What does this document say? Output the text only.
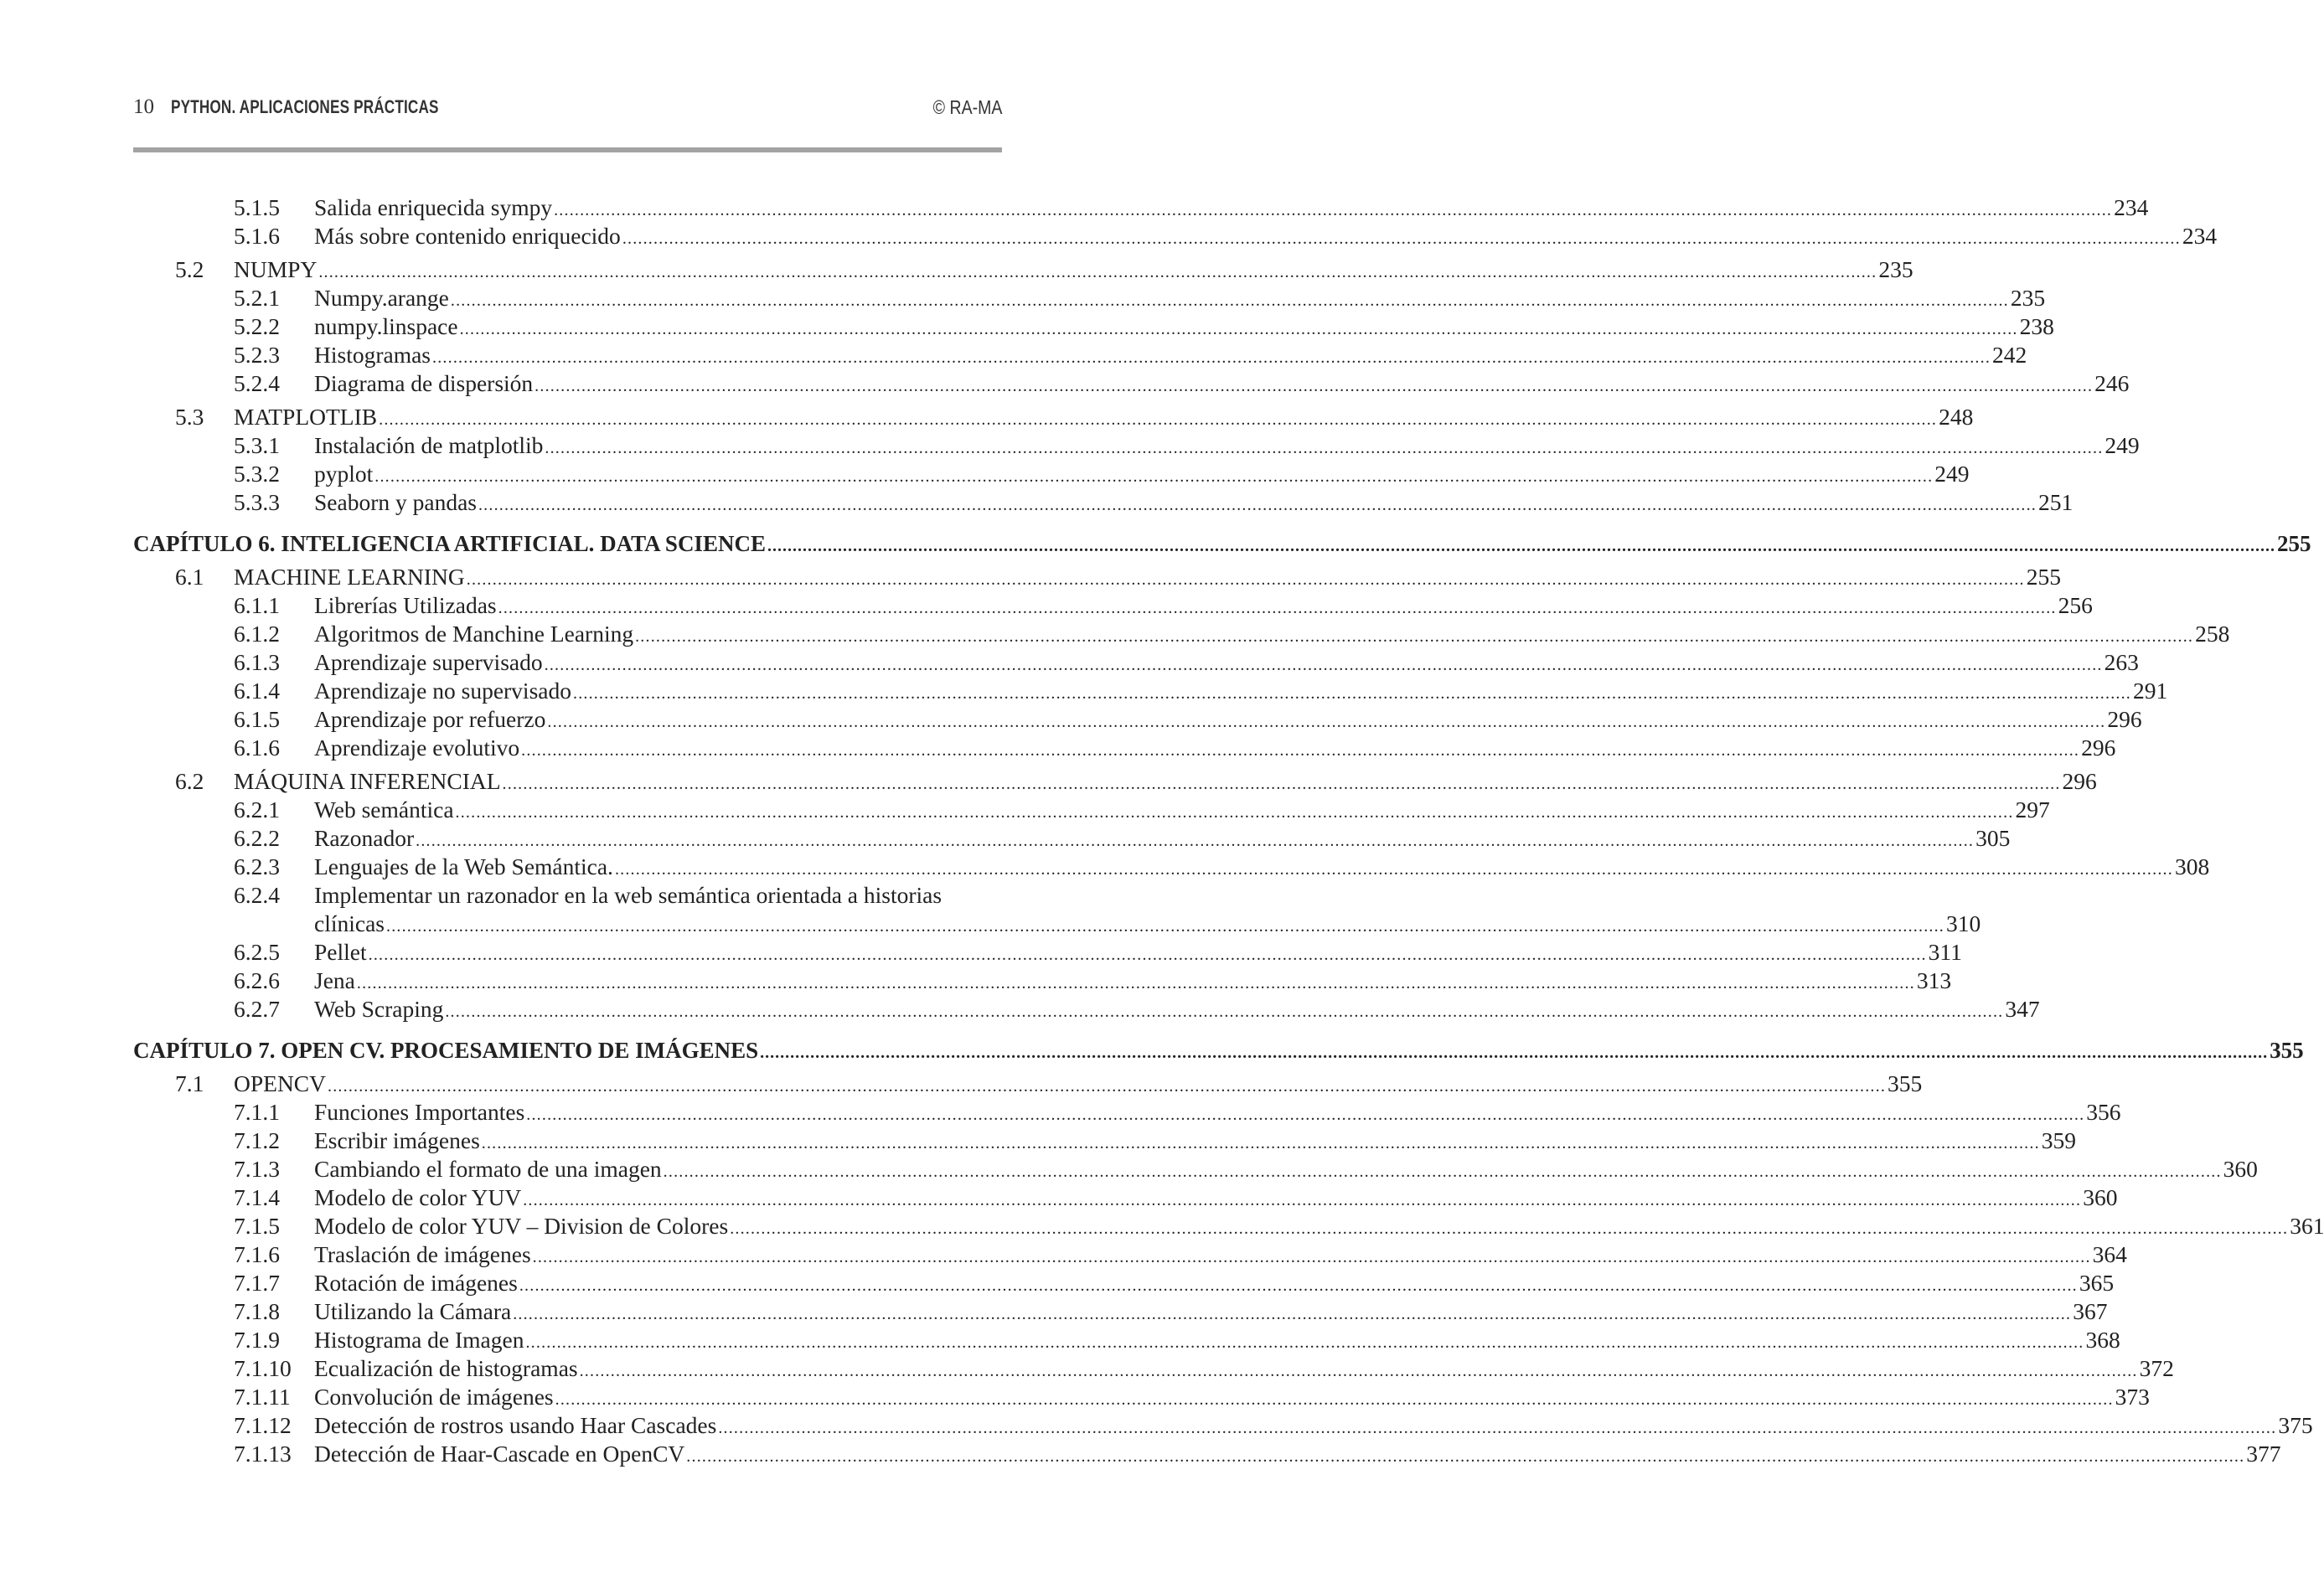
10 PYTHON. APLICACIONES PRÁCTICAS	© RA-MA
5.1.5 Salida enriquecida sympy ............................................................................................................................................................................................................................................................................................................ 234
5.1.6 Más sobre contenido enriquecido ............................................................................................................................................................................................................................................................................................................ 234
5.2 NUMPY ............................................................................................................................................................................................................................................................................................................ 235
5.2.1 Numpy.arange ............................................................................................................................................................................................................................................................................................................ 235
5.2.2 numpy.linspace ............................................................................................................................................................................................................................................................................................................ 238
5.2.3 Histogramas ............................................................................................................................................................................................................................................................................................................ 242
5.2.4 Diagrama de dispersión ............................................................................................................................................................................................................................................................................................................ 246
5.3 MATPLOTLIB ............................................................................................................................................................................................................................................................................................................ 248
5.3.1 Instalación de matplotlib ............................................................................................................................................................................................................................................................................................................ 249
5.3.2 pyplot ............................................................................................................................................................................................................................................................................................................ 249
5.3.3 Seaborn y pandas ............................................................................................................................................................................................................................................................................................................ 251
CAPÍTULO 6. INTELIGENCIA ARTIFICIAL. DATA SCIENCE ............................................................................................................................................................................................................................................................................................................ 255
6.1 MACHINE LEARNING ............................................................................................................................................................................................................................................................................................................ 255
6.1.1 Librerías Utilizadas ............................................................................................................................................................................................................................................................................................................ 256
6.1.2 Algoritmos de Manchine Learning ............................................................................................................................................................................................................................................................................................................ 258
6.1.3 Aprendizaje supervisado ............................................................................................................................................................................................................................................................................................................ 263
6.1.4 Aprendizaje no supervisado ............................................................................................................................................................................................................................................................................................................ 291
6.1.5 Aprendizaje por refuerzo ............................................................................................................................................................................................................................................................................................................ 296
6.1.6 Aprendizaje evolutivo ............................................................................................................................................................................................................................................................................................................ 296
6.2 MÁQUINA INFERENCIAL ............................................................................................................................................................................................................................................................................................................ 296
6.2.1 Web semántica ............................................................................................................................................................................................................................................................................................................ 297
6.2.2 Razonador ............................................................................................................................................................................................................................................................................................................ 305
6.2.3 Lenguajes de la Web Semántica. ............................................................................................................................................................................................................................................................................................................ 308
6.2.4 Implementar un razonador en la web semántica orientada a historias
clínicas ............................................................................................................................................................................................................................................................................................................ 310
6.2.5 Pellet ............................................................................................................................................................................................................................................................................................................ 311
6.2.6 Jena ............................................................................................................................................................................................................................................................................................................ 313
6.2.7 Web Scraping ............................................................................................................................................................................................................................................................................................................ 347
CAPÍTULO 7. OPEN CV. PROCESAMIENTO DE IMÁGENES ............................................................................................................................................................................................................................................................................................................ 355
7.1 OPENCV ............................................................................................................................................................................................................................................................................................................ 355
7.1.1 Funciones Importantes ............................................................................................................................................................................................................................................................................................................ 356
7.1.2 Escribir imágenes ............................................................................................................................................................................................................................................................................................................ 359
7.1.3 Cambiando el formato de una imagen ............................................................................................................................................................................................................................................................................................................ 360
7.1.4 Modelo de color YUV ............................................................................................................................................................................................................................................................................................................ 360
7.1.5 Modelo de color YUV – Division de Colores ............................................................................................................................................................................................................................................................................................................ 361
7.1.6 Traslación de imágenes ............................................................................................................................................................................................................................................................................................................ 364
7.1.7 Rotación de imágenes ............................................................................................................................................................................................................................................................................................................ 365
7.1.8 Utilizando la Cámara ............................................................................................................................................................................................................................................................................................................ 367
7.1.9 Histograma de Imagen ............................................................................................................................................................................................................................................................................................................ 368
7.1.10 Ecualización de histogramas ............................................................................................................................................................................................................................................................................................................ 372
7.1.11 Convolución de imágenes ............................................................................................................................................................................................................................................................................................................ 373
7.1.12 Detección de rostros usando Haar Cascades ............................................................................................................................................................................................................................................................................................................ 375
7.1.13 Detección de Haar-Cascade en OpenCV ............................................................................................................................................................................................................................................................................................................ 377
